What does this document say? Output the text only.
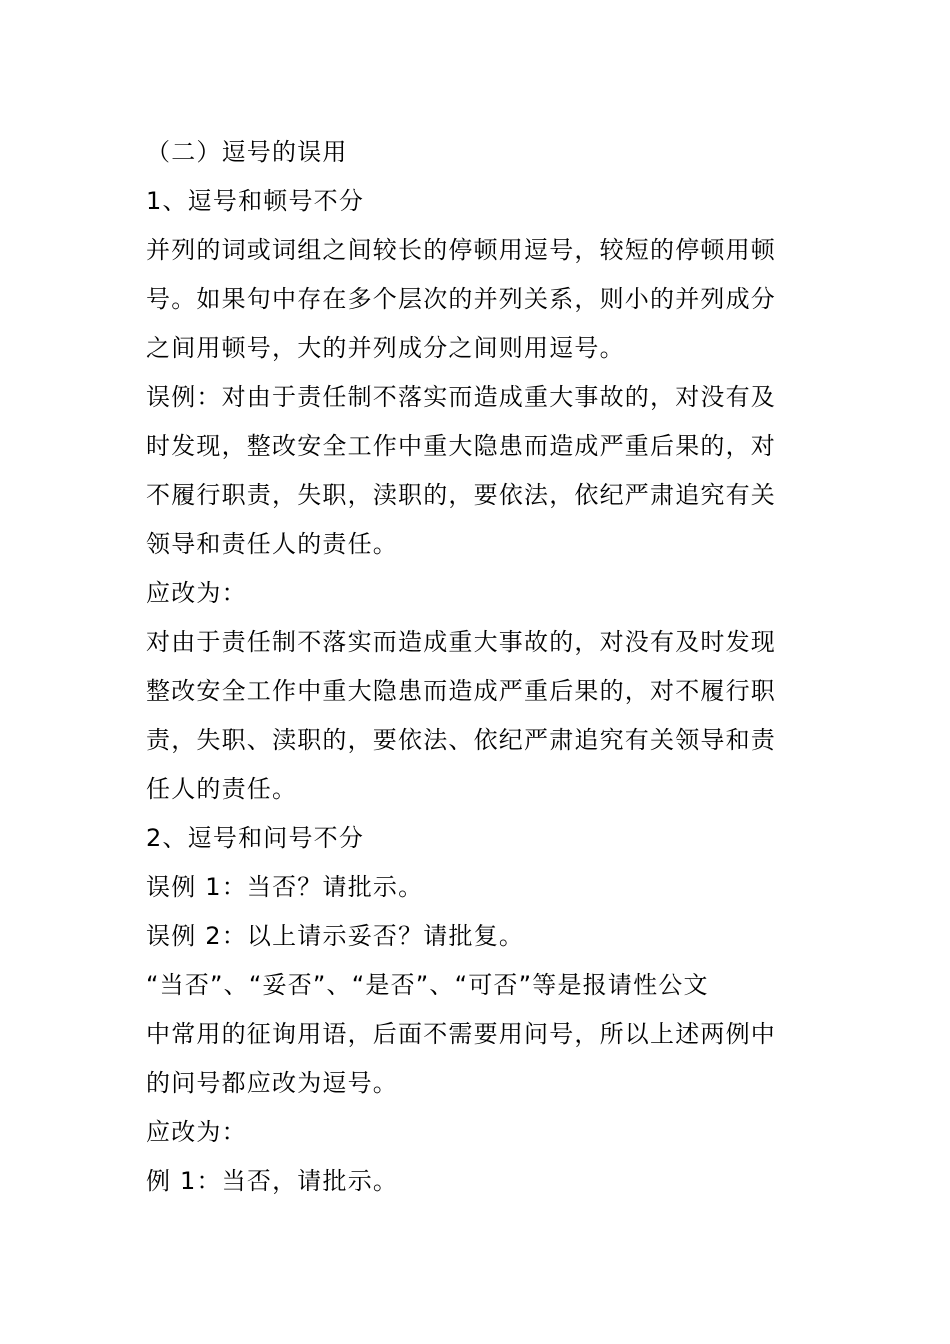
（二）逗号的误用
1、逗号和顿号不分
并列的词或词组之间较长的停顿用逗号，较短的停顿用顿
号。如果句中存在多个层次的并列关系，则小的并列成分
之间用顿号，大的并列成分之间则用逗号。
误例：对由于责任制不落实而造成重大事故的，对没有及
时发现，整改安全工作中重大隐患而造成严重后果的，对
不履行职责，失职，渎职的，要依法，依纪严肃追究有关
领导和责任人的责任。
应改为：
对由于责任制不落实而造成重大事故的，对没有及时发现
整改安全工作中重大隐患而造成严重后果的，对不履行职
责，失职、渎职的，要依法、依纪严肃追究有关领导和责
任人的责任。
2、逗号和问号不分
误例 1：当否？请批示。
误例 2：以上请示妥否？请批复。
“当否”、“妥否”、“是否”、“可否”等是报请性公文
中常用的征询用语，后面不需要用问号，所以上述两例中
的问号都应改为逗号。
应改为：
例 1：当否，请批示。
